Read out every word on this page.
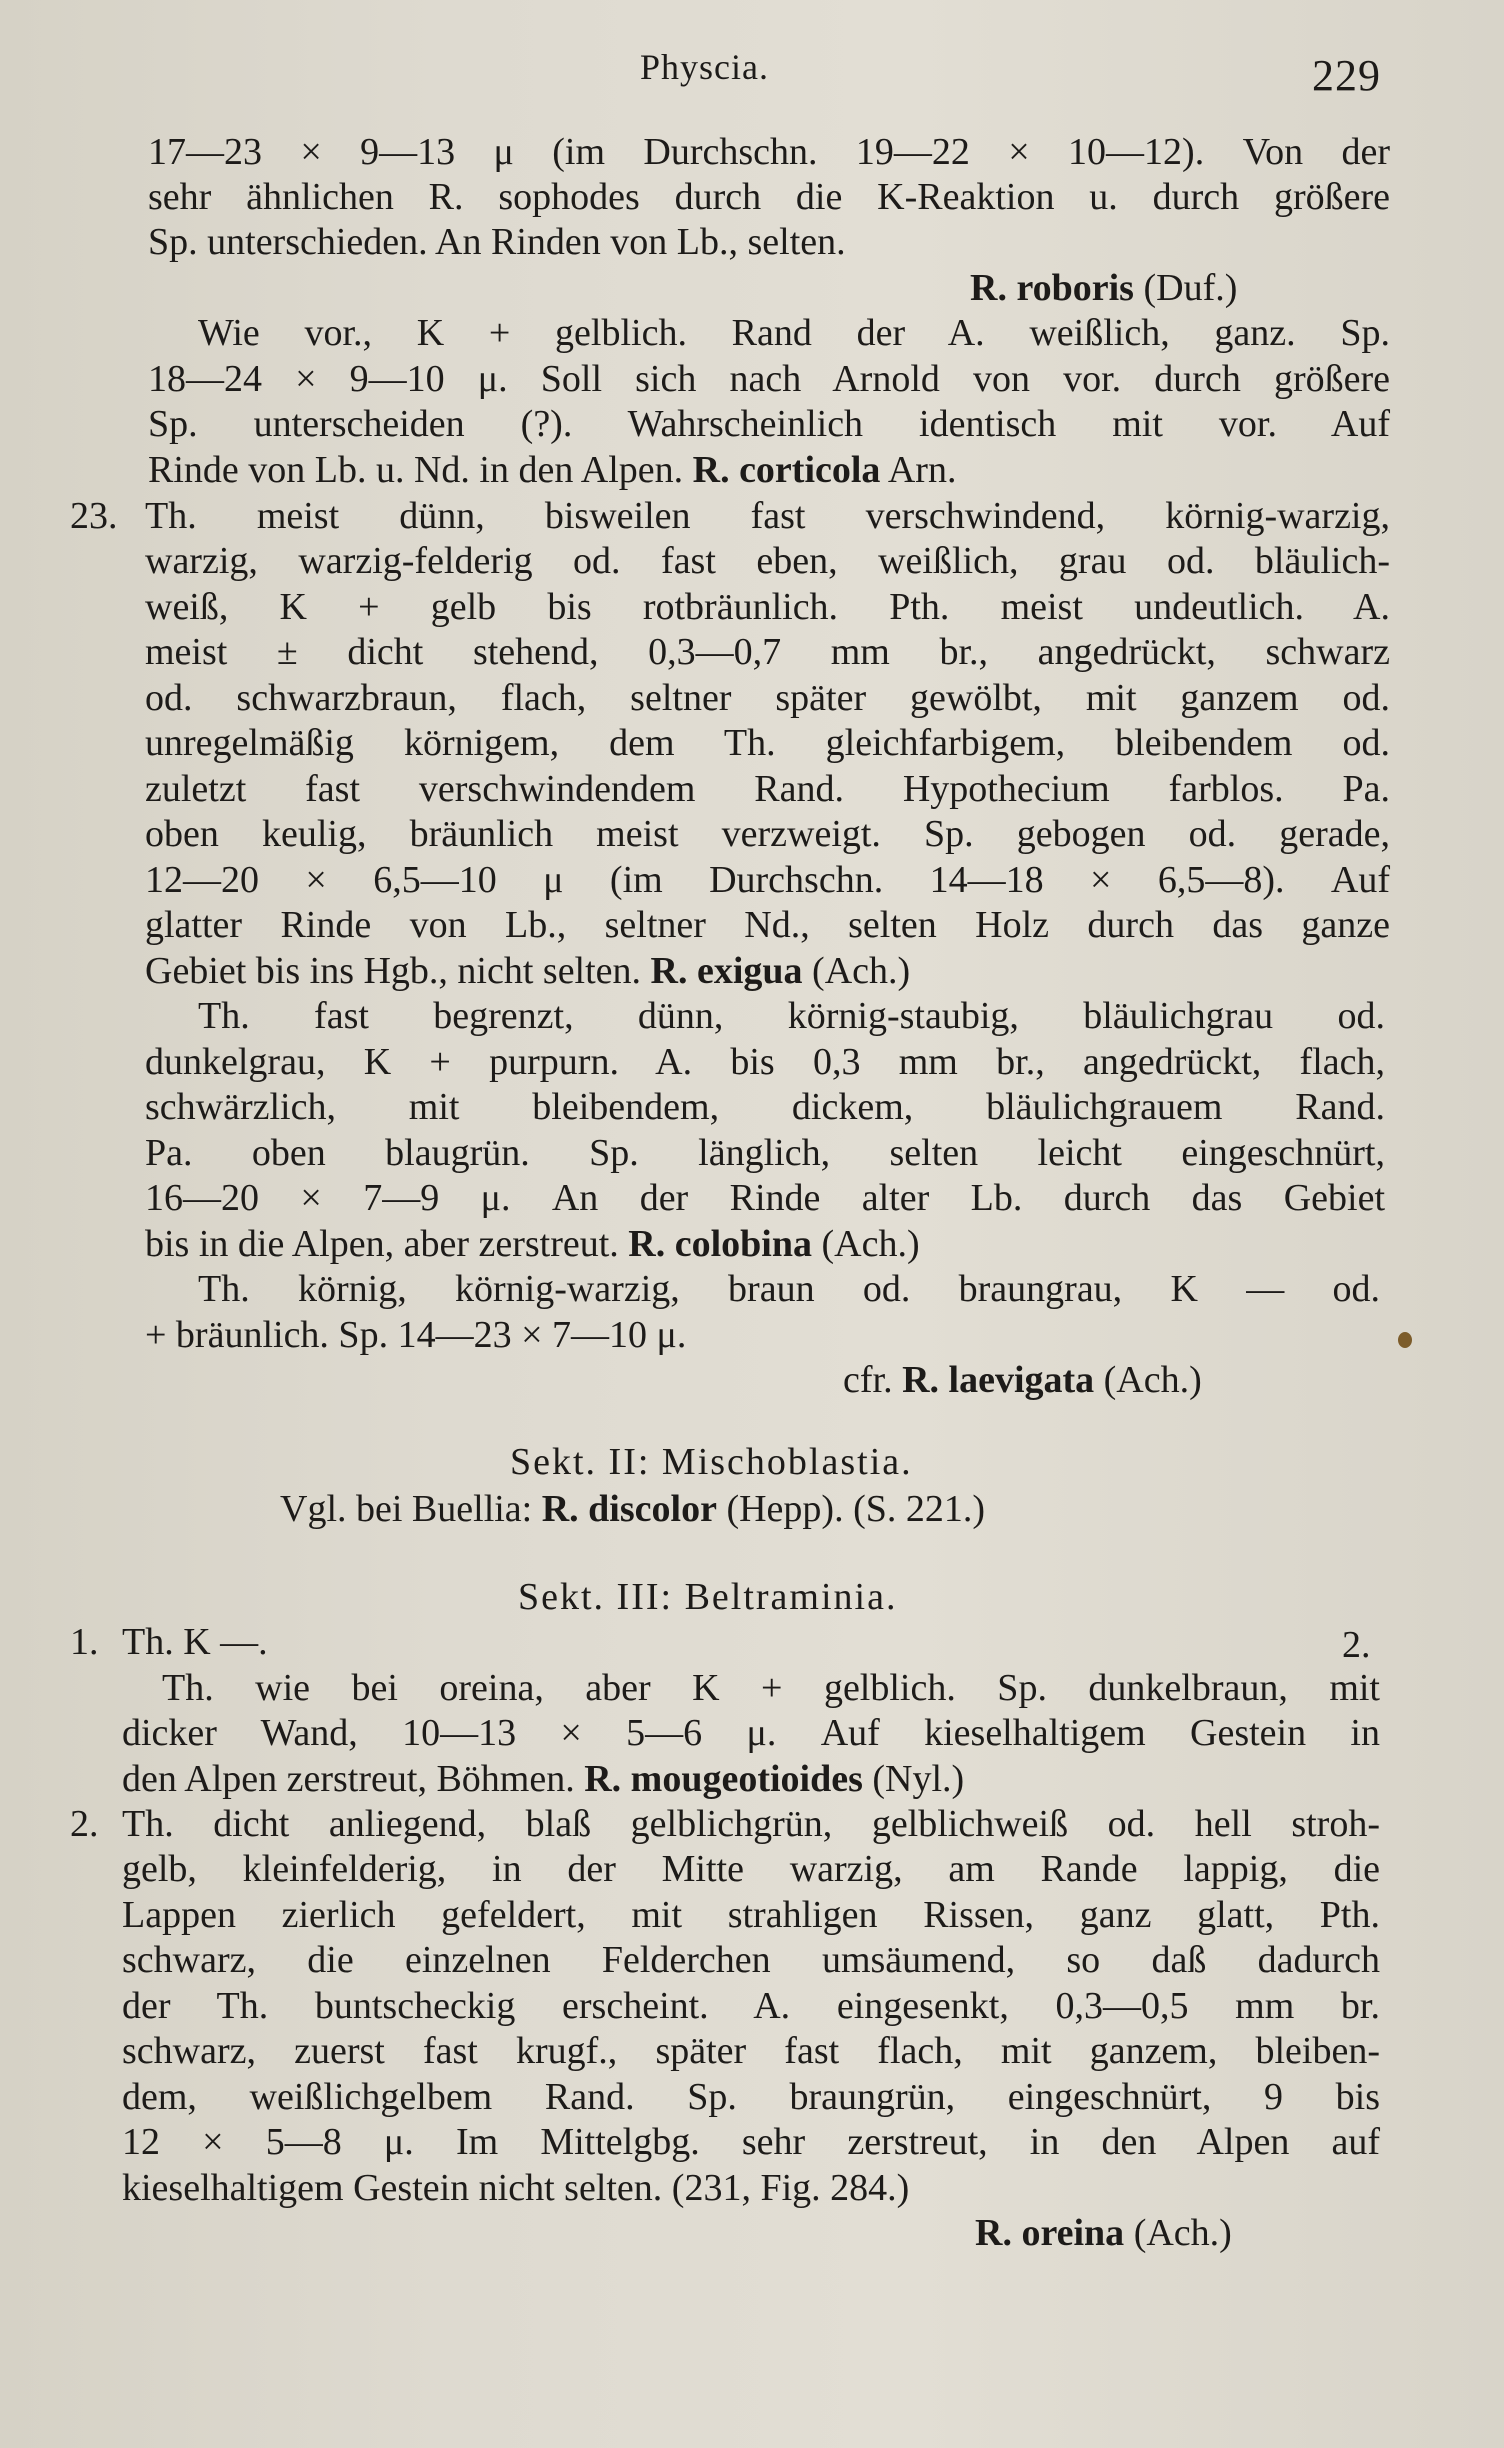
Physcia.	229
17—23 × 9—13 μ (im Durchschn. 19—22 × 10—12). Von der
sehr ähnlichen R. sophodes durch die K-Reaktion u. durch größere
Sp. unterschieden. An Rinden von Lb., selten.
R. roboris (Duf.)
Wie vor., K + gelblich. Rand der A. weißlich, ganz. Sp.
18—24 × 9—10 μ. Soll sich nach Arnold von vor. durch größere
Sp. unterscheiden (?). Wahrscheinlich identisch mit vor. Auf
Rinde von Lb. u. Nd. in den Alpen. R. corticola Arn.
23. Th. meist dünn, bisweilen fast verschwindend, körnig-warzig,
warzig, warzig-felderig od. fast eben, weißlich, grau od. bläulich-
weiß, K + gelb bis rotbräunlich. Pth. meist undeutlich. A.
meist ± dicht stehend, 0,3—0,7 mm br., angedrückt, schwarz
od. schwarzbraun, flach, seltner später gewölbt, mit ganzem od.
unregelmäßig körnigem, dem Th. gleichfarbigem, bleibendem od.
zuletzt fast verschwindendem Rand. Hypothecium farblos. Pa.
oben keulig, bräunlich meist verzweigt. Sp. gebogen od. gerade,
12—20 × 6,5—10 μ (im Durchschn. 14—18 × 6,5—8). Auf
glatter Rinde von Lb., seltner Nd., selten Holz durch das ganze
Gebiet bis ins Hgb., nicht selten. R. exigua (Ach.)
Th. fast begrenzt, dünn, körnig-staubig, bläulichgrau od.
dunkelgrau, K + purpurn. A. bis 0,3 mm br., angedrückt, flach,
schwärzlich, mit bleibendem, dickem, bläulichgrauem Rand.
Pa. oben blaugrün. Sp. länglich, selten leicht eingeschnürt,
16—20 × 7—9 μ. An der Rinde alter Lb. durch das Gebiet
bis in die Alpen, aber zerstreut. R. colobina (Ach.)
Th. körnig, körnig-warzig, braun od. braungrau, K — od.
+ bräunlich. Sp. 14—23 × 7—10 μ.
cfr. R. laevigata (Ach.)
Sekt. II: Mischoblastia.
Vgl. bei Buellia: R. discolor (Hepp). (S. 221.)
Sekt. III: Beltraminia.
1. Th. K —.	2.
Th. wie bei oreina, aber K + gelblich. Sp. dunkelbraun, mit
dicker Wand, 10—13 × 5—6 μ. Auf kieselhaltigem Gestein in
den Alpen zerstreut, Böhmen. R. mougeotioides (Nyl.)
2. Th. dicht anliegend, blaß gelblichgrün, gelblichweiß od. hell stroh-
gelb, kleinfelderig, in der Mitte warzig, am Rande lappig, die
Lappen zierlich gefeldert, mit strahligen Rissen, ganz glatt, Pth.
schwarz, die einzelnen Felderchen umsäumend, so daß dadurch
der Th. buntscheckig erscheint. A. eingesenkt, 0,3—0,5 mm br.
schwarz, zuerst fast krugf., später fast flach, mit ganzem, bleiben-
dem, weißlichgelbem Rand. Sp. braungrün, eingeschnürt, 9 bis
12 × 5—8 μ. Im Mittelgbg. sehr zerstreut, in den Alpen auf
kieselhaltigem Gestein nicht selten. (231, Fig. 284.)
R. oreina (Ach.)
